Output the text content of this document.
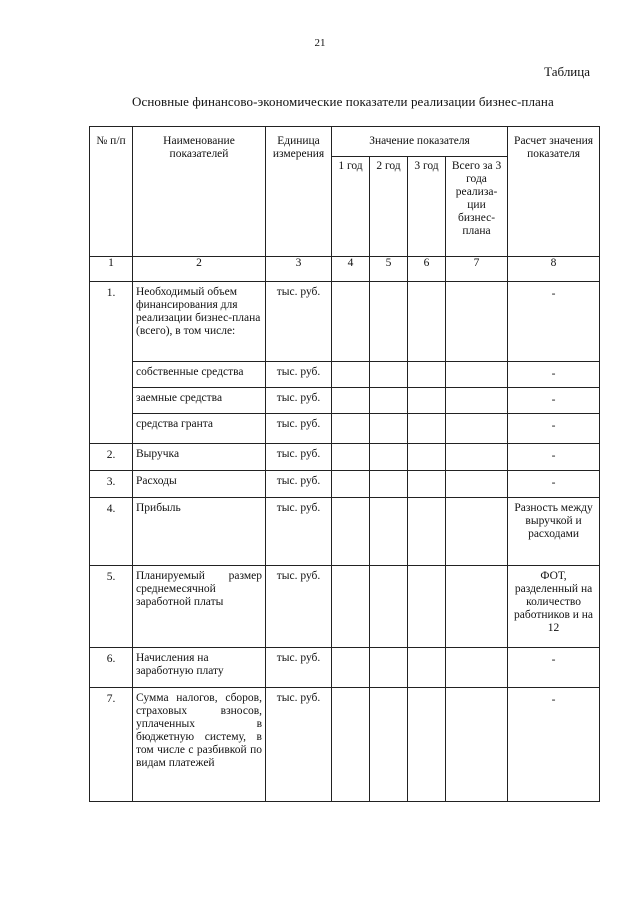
21
Таблица
Основные финансово-экономические показатели реализации бизнес-плана
№ п/п	Наименование показателей	Единица измерения	Значение показателя				Расчет значения показателя

			1 год	2 год	3 год	Всего за 3 года реализа-ции бизнес-плана	

1	2	3	4	5	6	7	8

1.	Необходимый объем финансирования для реализации бизнес-плана (всего), в том числе:	тыс. руб.					-

	собственные средства	тыс. руб.					-

	заемные средства	тыс. руб.					-

	средства гранта	тыс. руб.					-

2.	Выручка	тыс. руб.					-

3.	Расходы	тыс. руб.					-

4.	Прибыль	тыс. руб.					Разность между выручкой и расходами

5.	Планируемый размер среднемесячной заработной платы	тыс. руб.					ФОТ, разделенный на количество работников и на 12

6.	Начисления на заработную плату	тыс. руб.					-

7.	Сумма налогов, сборов, страховых взносов, уплаченных в бюджетную систему, в том числе с разбивкой по видам платежей	тыс. руб.					-
